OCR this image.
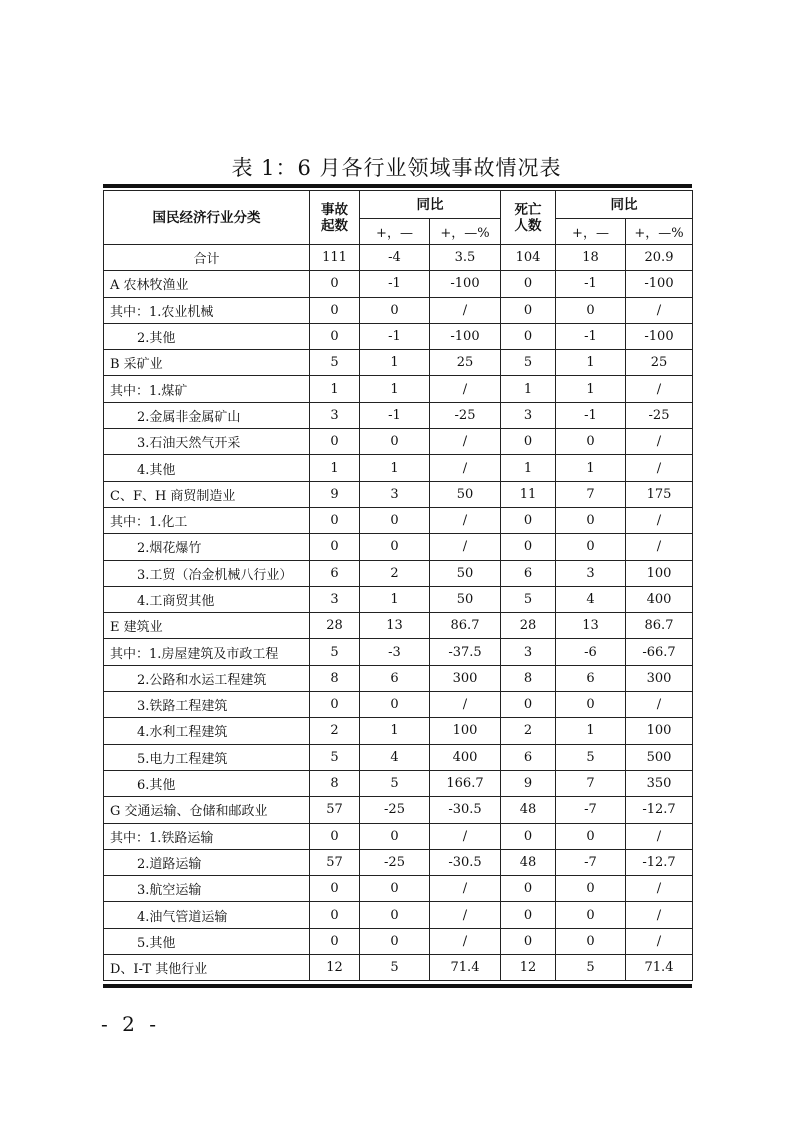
表 1：6 月各行业领域事故情况表
国民经济行业分类	事故起数	同比		死亡人数	同比	
		+，—	+，—%		+，—	+，—%
合计	111	-4	3.5	104	18	20.9
A 农林牧渔业	0	-1	-100	0	-1	-100
其中：1.农业机械	0	0	/	0	0	/
2.其他	0	-1	-100	0	-1	-100
B 采矿业	5	1	25	5	1	25
其中：1.煤矿	1	1	/	1	1	/
2.金属非金属矿山	3	-1	-25	3	-1	-25
3.石油天然气开采	0	0	/	0	0	/
4.其他	1	1	/	1	1	/
C、F、H 商贸制造业	9	3	50	11	7	175
其中：1.化工	0	0	/	0	0	/
2.烟花爆竹	0	0	/	0	0	/
3.工贸（冶金机械八行业）	6	2	50	6	3	100
4.工商贸其他	3	1	50	5	4	400
E 建筑业	28	13	86.7	28	13	86.7
其中：1.房屋建筑及市政工程	5	-3	-37.5	3	-6	-66.7
2.公路和水运工程建筑	8	6	300	8	6	300
3.铁路工程建筑	0	0	/	0	0	/
4.水利工程建筑	2	1	100	2	1	100
5.电力工程建筑	5	4	400	6	5	500
6.其他	8	5	166.7	9	7	350
G 交通运输、仓储和邮政业	57	-25	-30.5	48	-7	-12.7
其中：1.铁路运输	0	0	/	0	0	/
2.道路运输	57	-25	-30.5	48	-7	-12.7
3.航空运输	0	0	/	0	0	/
4.油气管道运输	0	0	/	0	0	/
5.其他	0	0	/	0	0	/
D、I-T 其他行业	12	5	71.4	12	5	71.4
- 2 -
